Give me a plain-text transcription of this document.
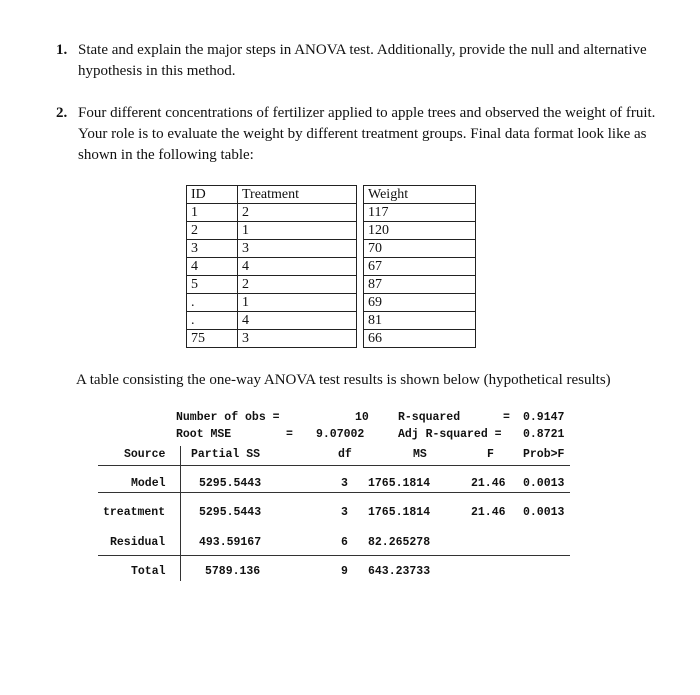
1. State and explain the major steps in ANOVA test. Additionally, provide the null and alternative hypothesis in this method.
2. Four different concentrations of fertilizer applied to apple trees and observed the weight of fruit. Your role is to evaluate the weight by different treatment groups. Final data format look like as shown in the following table:
ID	Treatment		Weight
1	2		117
2	1		120
3	3		70
4	4		67
5	2		87
.	1		69
.	4		81
75	3		66
A table consisting the one-way ANOVA test results is shown below (hypothetical results)
Number of obs =	10	R-squared	= 0.9147
Root MSE	= 9.07002	Adj R-squared = 0.8721
Source Partial SS	df	MS	F	Prob>F
Model	5295.5443	3 1765.1814	21.46 0.0013
treatment	5295.5443	3 1765.1814	21.46 0.0013
Residual	493.59167	6 82.265278
Total	5789.136	9 643.23733
